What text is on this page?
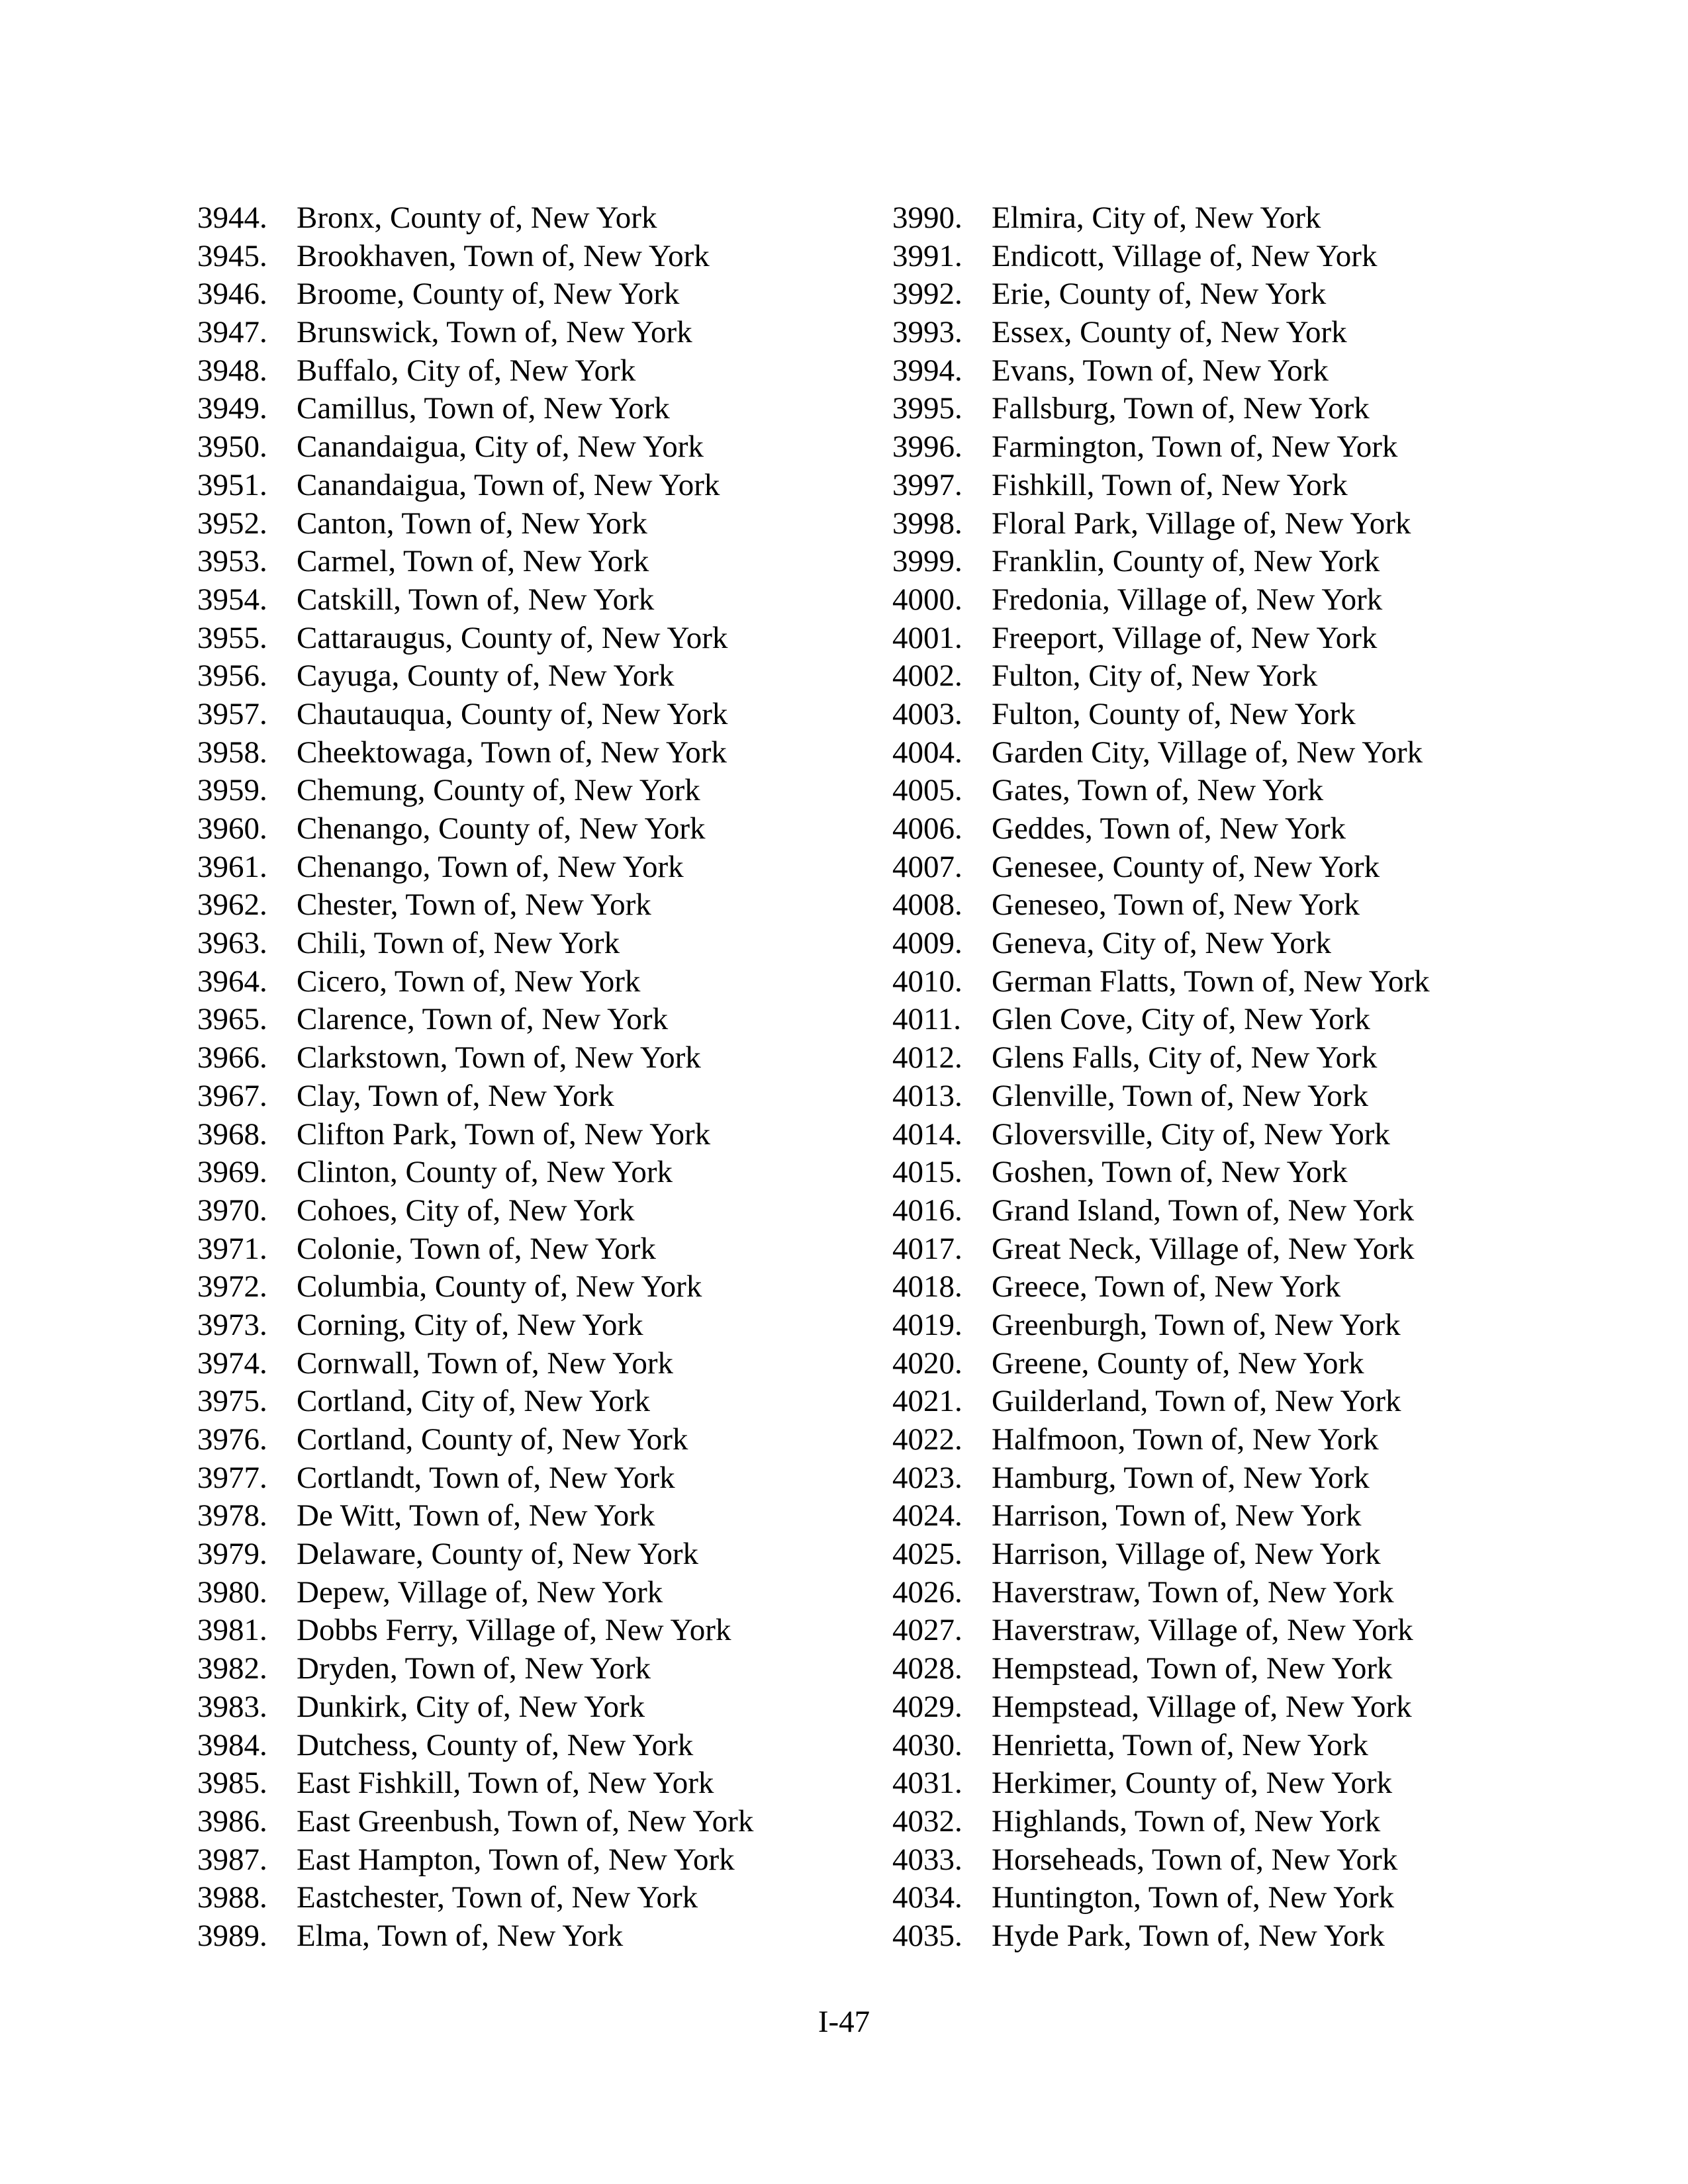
3944. Bronx, County of, New York
3945. Brookhaven, Town of, New York
3946. Broome, County of, New York
3947. Brunswick, Town of, New York
3948. Buffalo, City of, New York
3949. Camillus, Town of, New York
3950. Canandaigua, City of, New York
3951. Canandaigua, Town of, New York
3952. Canton, Town of, New York
3953. Carmel, Town of, New York
3954. Catskill, Town of, New York
3955. Cattaraugus, County of, New York
3956. Cayuga, County of, New York
3957. Chautauqua, County of, New York
3958. Cheektowaga, Town of, New York
3959. Chemung, County of, New York
3960. Chenango, County of, New York
3961. Chenango, Town of, New York
3962. Chester, Town of, New York
3963. Chili, Town of, New York
3964. Cicero, Town of, New York
3965. Clarence, Town of, New York
3966. Clarkstown, Town of, New York
3967. Clay, Town of, New York
3968. Clifton Park, Town of, New York
3969. Clinton, County of, New York
3970. Cohoes, City of, New York
3971. Colonie, Town of, New York
3972. Columbia, County of, New York
3973. Corning, City of, New York
3974. Cornwall, Town of, New York
3975. Cortland, City of, New York
3976. Cortland, County of, New York
3977. Cortlandt, Town of, New York
3978. De Witt, Town of, New York
3979. Delaware, County of, New York
3980. Depew, Village of, New York
3981. Dobbs Ferry, Village of, New York
3982. Dryden, Town of, New York
3983. Dunkirk, City of, New York
3984. Dutchess, County of, New York
3985. East Fishkill, Town of, New York
3986. East Greenbush, Town of, New York
3987. East Hampton, Town of, New York
3988. Eastchester, Town of, New York
3989. Elma, Town of, New York
3990. Elmira, City of, New York
3991. Endicott, Village of, New York
3992. Erie, County of, New York
3993. Essex, County of, New York
3994. Evans, Town of, New York
3995. Fallsburg, Town of, New York
3996. Farmington, Town of, New York
3997. Fishkill, Town of, New York
3998. Floral Park, Village of, New York
3999. Franklin, County of, New York
4000. Fredonia, Village of, New York
4001. Freeport, Village of, New York
4002. Fulton, City of, New York
4003. Fulton, County of, New York
4004. Garden City, Village of, New York
4005. Gates, Town of, New York
4006. Geddes, Town of, New York
4007. Genesee, County of, New York
4008. Geneseo, Town of, New York
4009. Geneva, City of, New York
4010. German Flatts, Town of, New York
4011. Glen Cove, City of, New York
4012. Glens Falls, City of, New York
4013. Glenville, Town of, New York
4014. Gloversville, City of, New York
4015. Goshen, Town of, New York
4016. Grand Island, Town of, New York
4017. Great Neck, Village of, New York
4018. Greece, Town of, New York
4019. Greenburgh, Town of, New York
4020. Greene, County of, New York
4021. Guilderland, Town of, New York
4022. Halfmoon, Town of, New York
4023. Hamburg, Town of, New York
4024. Harrison, Town of, New York
4025. Harrison, Village of, New York
4026. Haverstraw, Town of, New York
4027. Haverstraw, Village of, New York
4028. Hempstead, Town of, New York
4029. Hempstead, Village of, New York
4030. Henrietta, Town of, New York
4031. Herkimer, County of, New York
4032. Highlands, Town of, New York
4033. Horseheads, Town of, New York
4034. Huntington, Town of, New York
4035. Hyde Park, Town of, New York
I-47
